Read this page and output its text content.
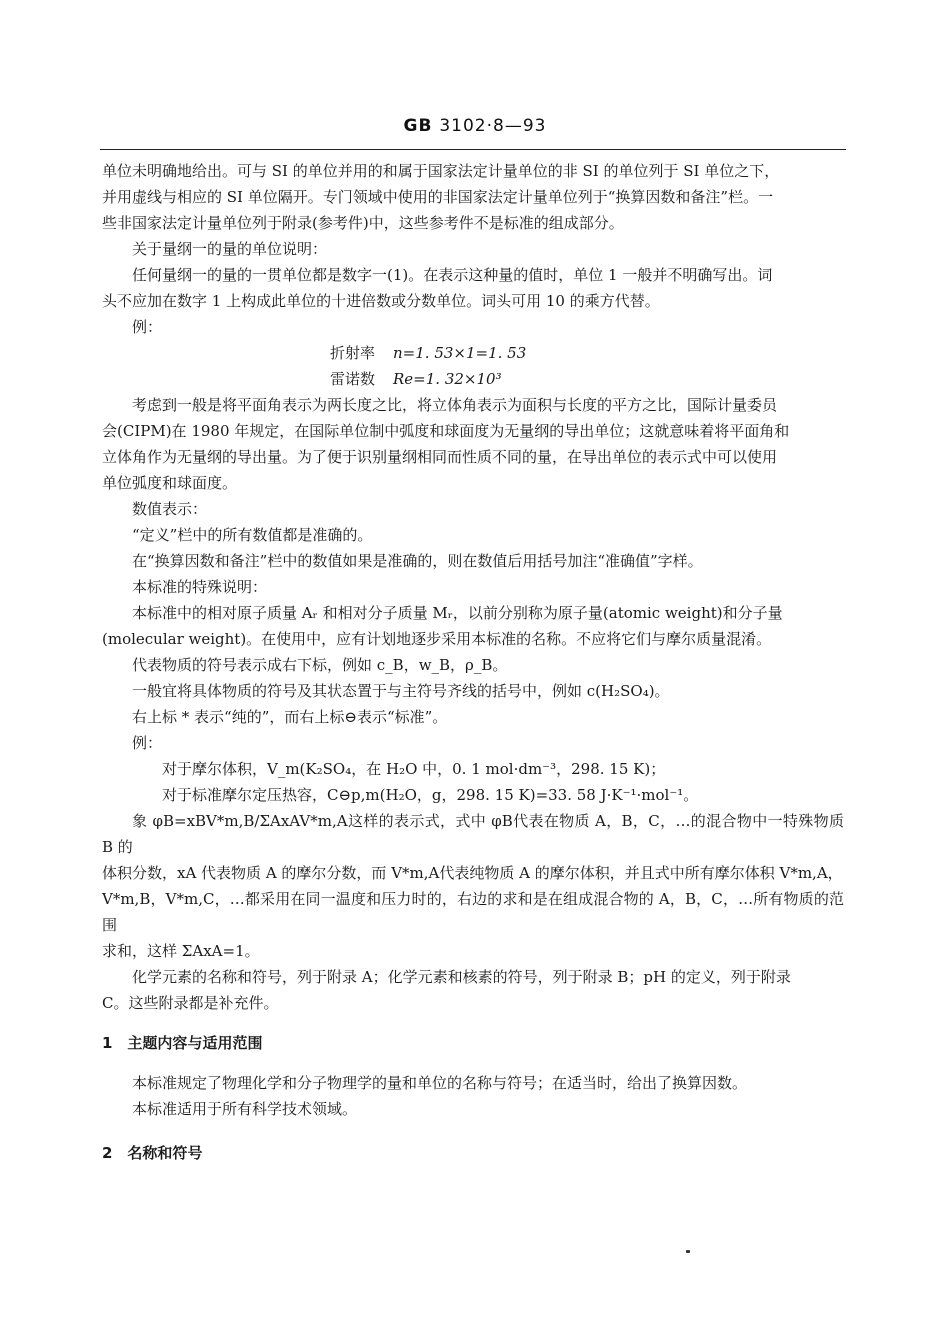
GB 3102·8—93

单位未明确地给出。可与 SI 的单位并用的和属于国家法定计量单位的非 SI 的单位列于 SI 单位之下，

并用虚线与相应的 SI 单位隔开。专门领域中使用的非国家法定计量单位列于“换算因数和备注”栏。一

些非国家法定计量单位列于附录(参考件)中，这些参考件不是标准的组成部分。

关于量纲一的量的单位说明：

任何量纲一的量的一贯单位都是数字一(1)。在表示这种量的值时，单位 1 一般并不明确写出。词

头不应加在数字 1 上构成此单位的十进倍数或分数单位。词头可用 10 的乘方代替。

例：

折射率 n=1. 53×1=1. 53

雷诺数 Re=1. 32×10³

考虑到一般是将平面角表示为两长度之比，将立体角表示为面积与长度的平方之比，国际计量委员

会(CIPM)在 1980 年规定，在国际单位制中弧度和球面度为无量纲的导出单位；这就意味着将平面角和

立体角作为无量纲的导出量。为了便于识别量纲相同而性质不同的量，在导出单位的表示式中可以使用

单位弧度和球面度。

数值表示：

“定义”栏中的所有数值都是准确的。

在“换算因数和备注”栏中的数值如果是准确的，则在数值后用括号加注“准确值”字样。

本标准的特殊说明：

本标准中的相对原子质量 Aᵣ 和相对分子质量 Mᵣ，以前分别称为原子量(atomic weight)和分子量

(molecular weight)。在使用中，应有计划地逐步采用本标准的名称。不应将它们与摩尔质量混淆。

代表物质的符号表示成右下标，例如 c_B，w_B，ρ_B。

一般宜将具体物质的符号及其状态置于与主符号齐线的括号中，例如 c(H₂SO₄)。

右上标 * 表示“纯的”，而右上标⊖表示“标准”。

例：

对于摩尔体积，V_m(K₂SO₄，在 H₂O 中，0. 1 mol·dm⁻³，298. 15 K)；

对于标准摩尔定压热容，C⊖p,m(H₂O，g，298. 15 K)=33. 58 J·K⁻¹·mol⁻¹。

象 φB=xBV*m,B/ΣAxAV*m,A这样的表示式，式中 φB代表在物质 A，B，C，…的混合物中一特殊物质 B 的

体积分数，xA 代表物质 A 的摩尔分数，而 V*m,A代表纯物质 A 的摩尔体积，并且式中所有摩尔体积 V*m,A，

V*m,B，V*m,C，…都采用在同一温度和压力时的，右边的求和是在组成混合物的 A，B，C，…所有物质的范围

求和，这样 ΣAxA=1。

化学元素的名称和符号，列于附录 A；化学元素和核素的符号，列于附录 B；pH 的定义，列于附录

C。这些附录都是补充件。

1　主题内容与适用范围

本标准规定了物理化学和分子物理学的量和单位的名称与符号；在适当时，给出了换算因数。

本标准适用于所有科学技术领域。

2　名称和符号
